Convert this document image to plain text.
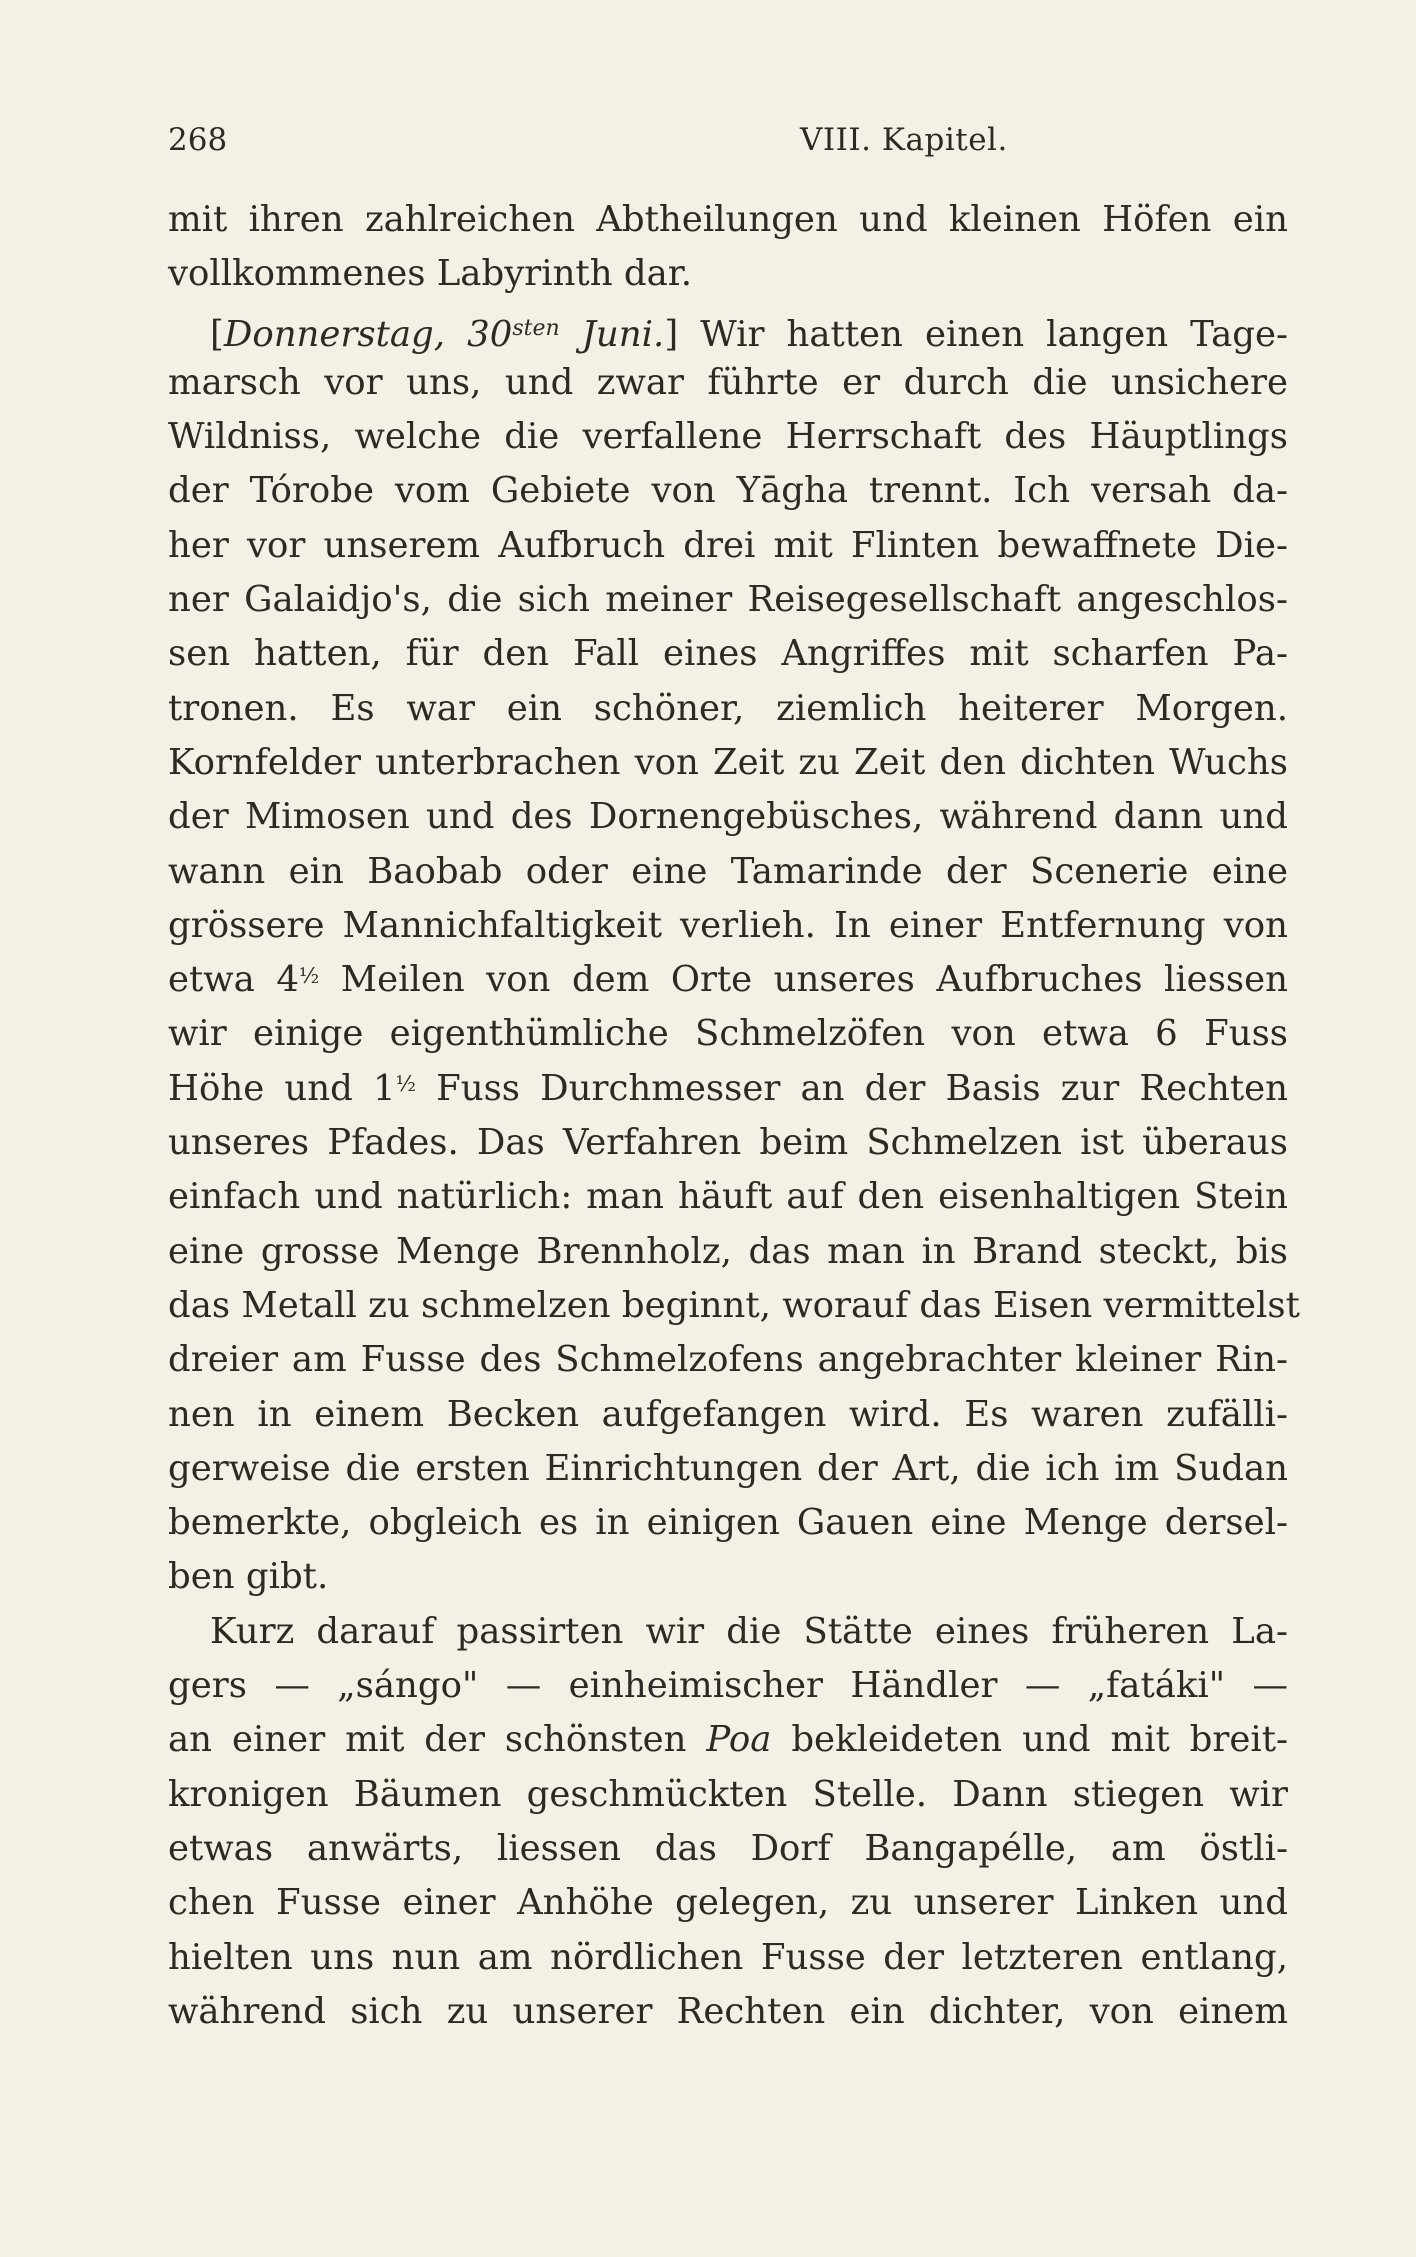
268	VIII. Kapitel.
mit ihren zahlreichen Abtheilungen und kleinen Höfen ein
vollkommenes Labyrinth dar.
[Donnerstag, $30^{sten}$ Juni.] Wir hatten einen langen Tage-
marsch vor uns, und zwar führte er durch die unsichere
Wildniss, welche die verfallene Herrschaft des Häuptlings
der Tórobe vom Gebiete von Yāgha trennt. Ich versah da-
her vor unserem Aufbruch drei mit Flinten bewaffnete Die-
ner Galaidjo's, die sich meiner Reisegesellschaft angeschlos-
sen hatten, für den Fall eines Angriffes mit scharfen Pa-
tronen. Es war ein schöner, ziemlich heiterer Morgen.
Kornfelder unterbrachen von Zeit zu Zeit den dichten Wuchs
der Mimosen und des Dornengebüsches, während dann und
wann ein Baobab oder eine Tamarinde der Scenerie eine
grössere Mannichfaltigkeit verlieh. In einer Entfernung von
etwa 4½ Meilen von dem Orte unseres Aufbruches liessen
wir einige eigenthümliche Schmelzöfen von etwa 6 Fuss
Höhe und 1½ Fuss Durchmesser an der Basis zur Rechten
unseres Pfades. Das Verfahren beim Schmelzen ist überaus
einfach und natürlich: man häuft auf den eisenhaltigen Stein
eine grosse Menge Brennholz, das man in Brand steckt, bis
das Metall zu schmelzen beginnt, worauf das Eisen vermittelst
dreier am Fusse des Schmelzofens angebrachter kleiner Rin-
nen in einem Becken aufgefangen wird. Es waren zufälli-
gerweise die ersten Einrichtungen der Art, die ich im Sudan
bemerkte, obgleich es in einigen Gauen eine Menge dersel-
ben gibt.
Kurz darauf passirten wir die Stätte eines früheren La-
gers — „sángo" — einheimischer Händler — „fatáki" —
an einer mit der schönsten Poa bekleideten und mit breit-
kronigen Bäumen geschmückten Stelle. Dann stiegen wir
etwas anwärts, liessen das Dorf Bangapélle, am östli-
chen Fusse einer Anhöhe gelegen, zu unserer Linken und
hielten uns nun am nördlichen Fusse der letzteren entlang,
während sich zu unserer Rechten ein dichter, von einem
